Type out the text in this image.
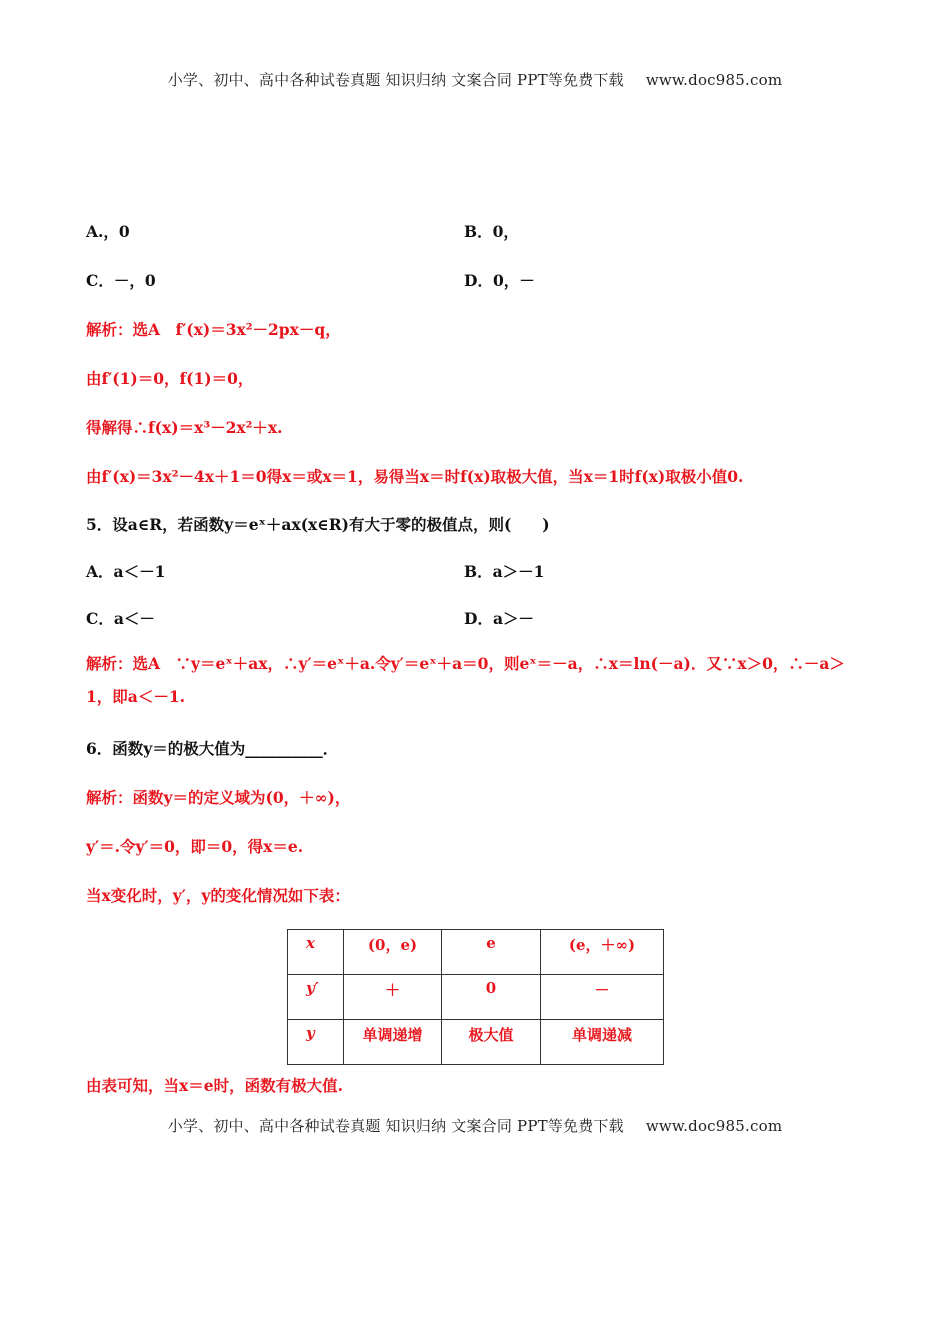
小学、初中、高中各种试卷真题 知识归纳 文案合同 PPT等免费下载 www.doc985.com
A.，0	B．0，
C．－，0	D．0，－
解析：选A　f′(x)＝3x²－2px－q，
由f′(1)＝0，f(1)＝0，
得解得∴f(x)＝x³－2x²＋x.
由f′(x)＝3x²－4x＋1＝0得x＝或x＝1，易得当x＝时f(x)取极大值，当x＝1时f(x)取极小值0.
5．设a∈R，若函数y＝eˣ＋ax(x∈R)有大于零的极值点，则(　　)
A．a＜－1	B．a＞－1
C．a＜－	D．a＞－
解析：选A　∵y＝eˣ＋ax，∴y′＝eˣ＋a.令y′＝eˣ＋a＝0，则eˣ＝－a，∴x＝ln(－a)．又∵x＞0，∴－a＞1，即a＜－1.
6．函数y＝的极大值为__________．
解析：函数y＝的定义域为(0，＋∞)，
y′＝.令y′＝0，即＝0，得x＝e.
当x变化时，y′，y的变化情况如下表：
x	(0，e)	e	(e，＋∞)
y′	＋	0	－
y	单调递增	极大值	单调递减
由表可知，当x＝e时，函数有极大值.
小学、初中、高中各种试卷真题 知识归纳 文案合同 PPT等免费下载 www.doc985.com
